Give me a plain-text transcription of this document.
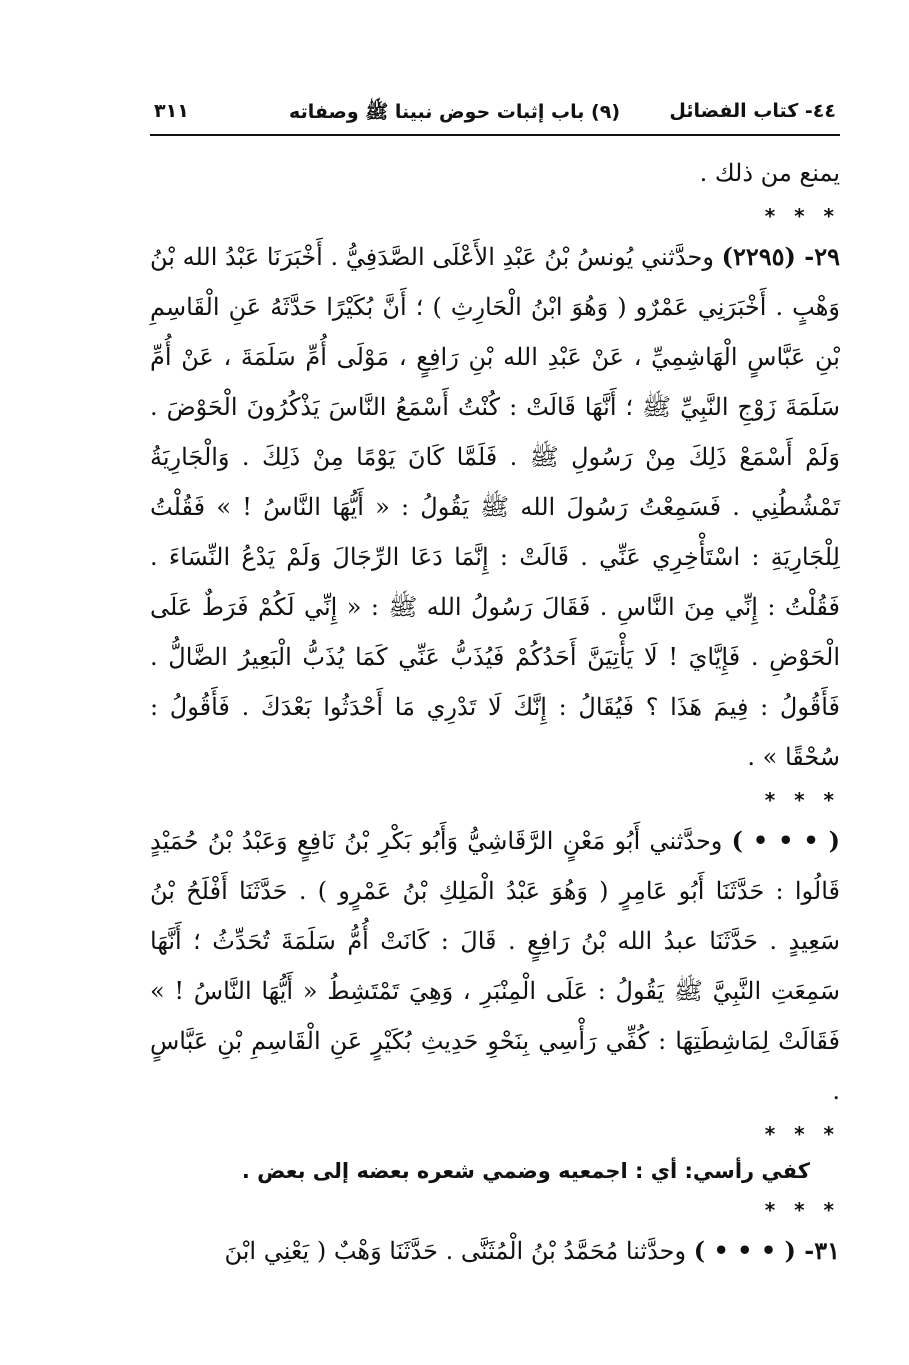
٤٤- كتاب الفضائل
(٩) باب إثبات حوض نبينا ﷺ وصفاته
٣١١

يمنع من ذلك .

* * *

٢٩- (٢٢٩٥) وحدَّثني يُونسُ بْنُ عَبْدِ الأَعْلَى الصَّدَفِيُّ . أَخْبَرَنَا عَبْدُ الله بْنُ وَهْبٍ . أَخْبَرَنِي عَمْرٌو ( وَهُوَ ابْنُ الْحَارِثِ ) ؛ أَنَّ بُكَيْرًا حَدَّثَهُ عَنِ الْقَاسِمِ بْنِ عَبَّاسٍ الْهَاشِمِيِّ ، عَنْ عَبْدِ الله بْنِ رَافِعٍ ، مَوْلَى أُمِّ سَلَمَةَ ، عَنْ أُمِّ سَلَمَةَ زَوْجِ النَّبِيِّ ﷺ ؛ أَنَّهَا قَالَتْ : كُنْتُ أَسْمَعُ النَّاسَ يَذْكُرُونَ الْحَوْضَ . وَلَمْ أَسْمَعْ ذَلِكَ مِنْ رَسُولِ ﷺ . فَلَمَّا كَانَ يَوْمًا مِنْ ذَلِكَ . وَالْجَارِيَةُ تَمْشُطُنِي . فَسَمِعْتُ رَسُولَ الله ﷺ يَقُولُ : « أَيُّهَا النَّاسُ ! » فَقُلْتُ لِلْجَارِيَةِ : اسْتَأْخِرِي عَنِّي . قَالَتْ : إِنَّمَا دَعَا الرِّجَالَ وَلَمْ يَدْعُ النِّسَاءَ . فَقُلْتُ : إِنِّي مِنَ النَّاسِ . فَقَالَ رَسُولُ الله ﷺ : « إِنِّي لَكُمْ فَرَطٌ عَلَى الْحَوْضِ . فَإِيَّايَ ! لَا يَأْتِيَنَّ أَحَدُكُمْ فَيُذَبُّ عَنِّي كَمَا يُذَبُّ الْبَعِيرُ الضَّالُّ . فَأَقُولُ : فِيمَ هَذَا ؟ فَيُقَالُ : إِنَّكَ لَا تَدْرِي مَا أَحْدَثُوا بَعْدَكَ . فَأَقُولُ : سُحْقًا » .

* * *

( • • • ) وحدَّثني أَبُو مَعْنٍ الرَّقَاشِيُّ وَأَبُو بَكْرِ بْنُ نَافِعٍ وَعَبْدُ بْنُ حُمَيْدٍ قَالُوا : حَدَّثَنَا أَبُو عَامِرٍ ( وَهُوَ عَبْدُ الْمَلِكِ بْنُ عَمْرٍو ) . حَدَّثَنَا أَفْلَحُ بْنُ سَعِيدٍ . حَدَّثَنَا عبدُ الله بْنُ رَافِعٍ . قَالَ : كَانَتْ أُمُّ سَلَمَةَ تُحَدِّثُ ؛ أَنَّهَا سَمِعَتِ النَّبِيَّ ﷺ يَقُولُ : عَلَى الْمِنْبَرِ ، وَهِيَ تَمْتَشِطُ « أَيُّهَا النَّاسُ ! » فَقَالَتْ لِمَاشِطَتِهَا : كُفِّي رَأْسِي بِنَحْوِ حَدِيثِ بُكَيْرٍ عَنِ الْقَاسِمِ بْنِ عَبَّاسٍ .

* * *

كفي رأسي: أي : اجمعيه وضمي شعره بعضه إلى بعض .

* * *

٣١- ( • • • ) وحدَّثنا مُحَمَّدُ بْنُ الْمُثَنَّى . حَدَّثَنَا وَهْبٌ ( يَعْنِي ابْنَ
